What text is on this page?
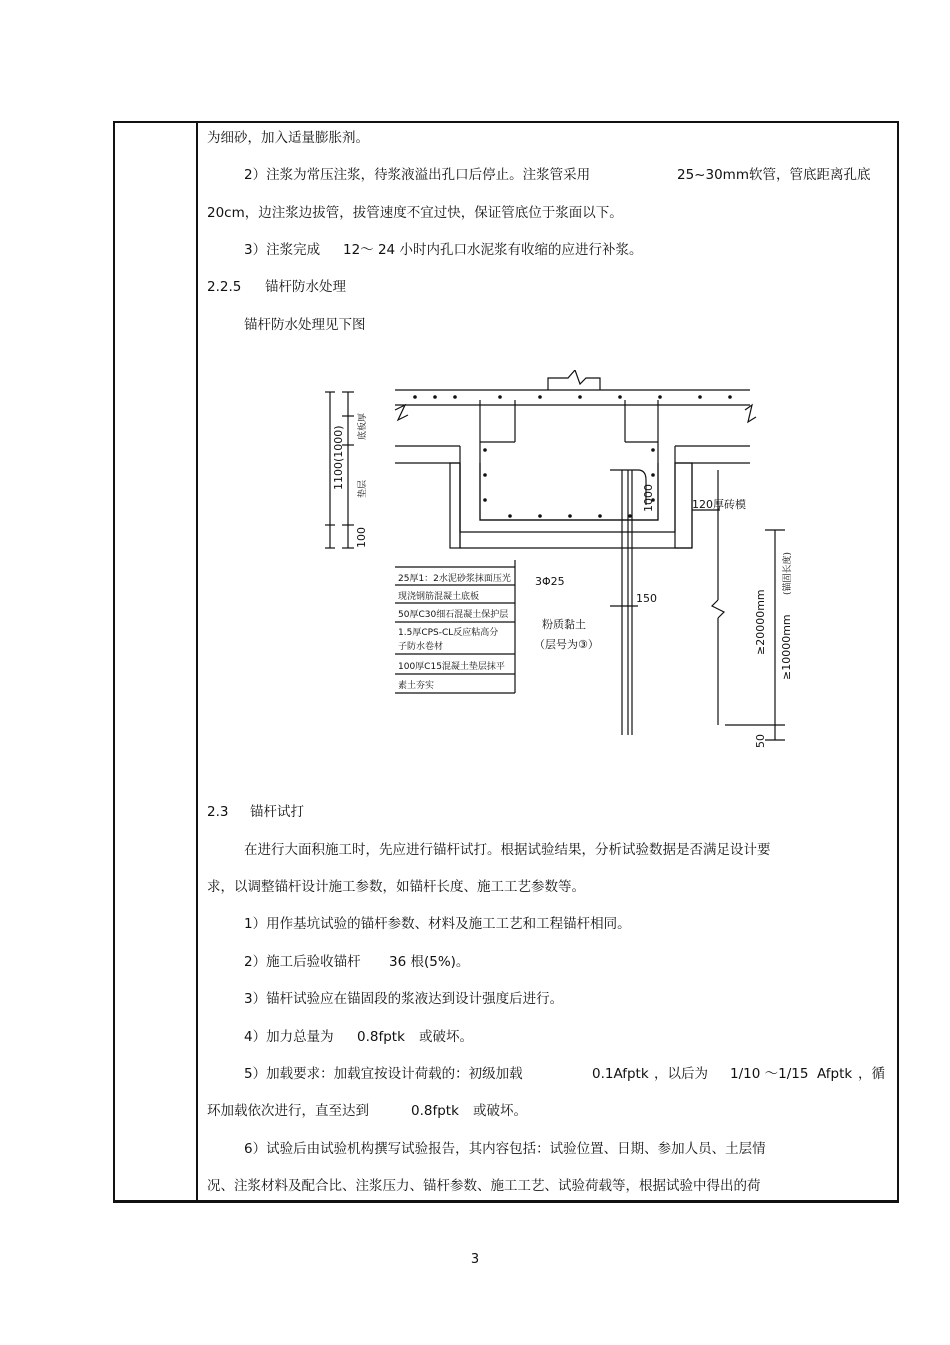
为细砂，加入适量膨胀剂。
2）注浆为常压注浆，待浆液溢出孔口后停止。注浆管采用	25~30mm软管，管底距离孔底
20cm，边注浆边拔管，拔管速度不宜过快，保证管底位于浆面以下。
3）注浆完成 12～ 24 小时内孔口水泥浆有收缩的应进行补浆。
2.2.5 锚杆防水处理
锚杆防水处理见下图
1100(1000) 底板厚
垫层
100
1000	120厚砖模
25厚1：2水泥砂浆抹面压光
现浇钢筋混凝土底板
50厚C30细石混凝土保护层
1.5厚CPS-CL反应粘高分
子防水卷材
100厚C15混凝土垫层抹平
素土夯实
3Φ25
150
粉质黏土
（层号为③）	≥20000mm ≥10000mm
(锚固长度)
50
2.3 锚杆试打
在进行大面积施工时，先应进行锚杆试打。根据试验结果，分析试验数据是否满足设计要
求，以调整锚杆设计施工参数，如锚杆长度、施工工艺参数等。
1）用作基坑试验的锚杆参数、材料及施工工艺和工程锚杆相同。
2）施工后验收锚杆 36 根(5%)。
3）锚杆试验应在锚固段的浆液达到设计强度后进行。
4）加力总量为 0.8fptk 或破坏。
5）加载要求：加载宜按设计荷载的：初级加载	0.1Afptk ，以后为 1/10 ～1/15 Afptk ，循
环加载依次进行，直至达到	0.8fptk 或破坏。
6）试验后由试验机构撰写试验报告，其内容包括：试验位置、日期、参加人员、土层情
况、注浆材料及配合比、注浆压力、锚杆参数、施工工艺、试验荷载等，根据试验中得出的荷
3
